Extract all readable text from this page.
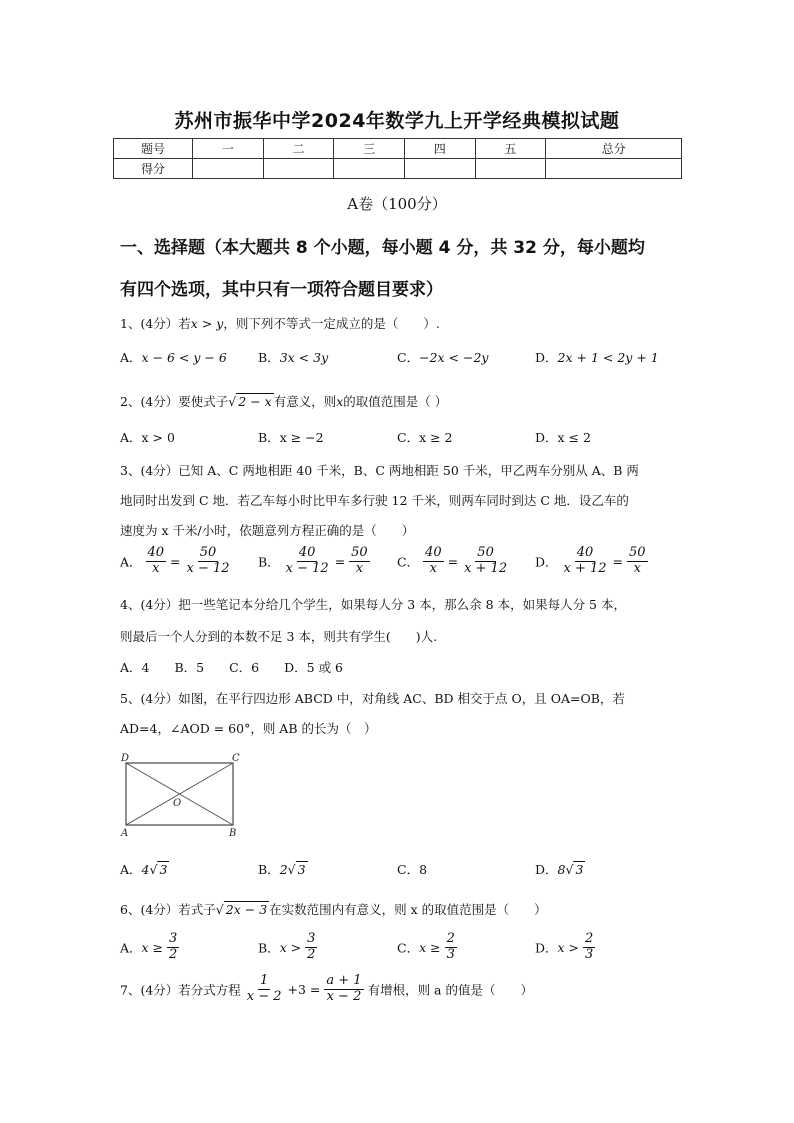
苏州市振华中学2024年数学九上开学经典模拟试题
题号	一	二	三	四	五	总分
得分						
A卷（100分）
一、选择题（本大题共 8 个小题，每小题 4 分，共 32 分，每小题均
有四个选项，其中只有一项符合题目要求）
1、(4分）若x > y，则下列不等式一定成立的是（　　）.
A．x − 6 < y − 6 B．3x < 3y	C．−2x < −2y	D．2x + 1 < 2y + 1
2、(4分）要使式子√ 2 − x 有意义，则x的取值范围是（ ）
A．x > 0	B．x ≥ −2	C．x ≥ 2	D．x ≤ 2
3、(4分）已知 A、C 两地相距 40 千米，B、C 两地相距 50 千米，甲乙两车分别从 A、B 两
地同时出发到 C 地．若乙车每小时比甲车多行驶 12 千米，则两车同时到达 C 地．设乙车的
速度为 x 千米/小时，依题意列方程正确的是（　　）
A． $\frac{40}{x} = \frac{50}{x - 12}$ B． $\frac{40}{x - 12} = \frac{50}{x}$ C． $\frac{40}{x} = \frac{50}{x + 12}$ D． $\frac{40}{x + 12} = \frac{50}{x}$
4、(4分）把一些笔记本分给几个学生，如果每人分 3 本，那么余 8 本，如果每人分 5 本，
则最后一个人分到的本数不足 3 本，则共有学生(　　)人.
A．4　　B．5　　C．6　　D．5 或 6
5、(4分）如图，在平行四边形 ABCD 中，对角线 AC、BD 相交于点 O，且 OA=OB，若
AD=4，∠AOD = 60°，则 AB 的长为（　）
D	C
A	B
O
A．4√ 3	B．2√ 3	C．8	D．8√ 3
6、(4分）若式子√ 2x − 3 在实数范围内有意义，则 x 的取值范围是（　　）
A．$x \ge \frac{3}{2}$	B．$x > \frac{3}{2}$	C．$x \ge \frac{2}{3}$	D．$x > \frac{2}{3}$
7、(4分）若分式方程 $\frac{1}{x - 2} +3 = \frac{a + 1}{x - 2}$ 有增根，则 a 的值是（　　）
